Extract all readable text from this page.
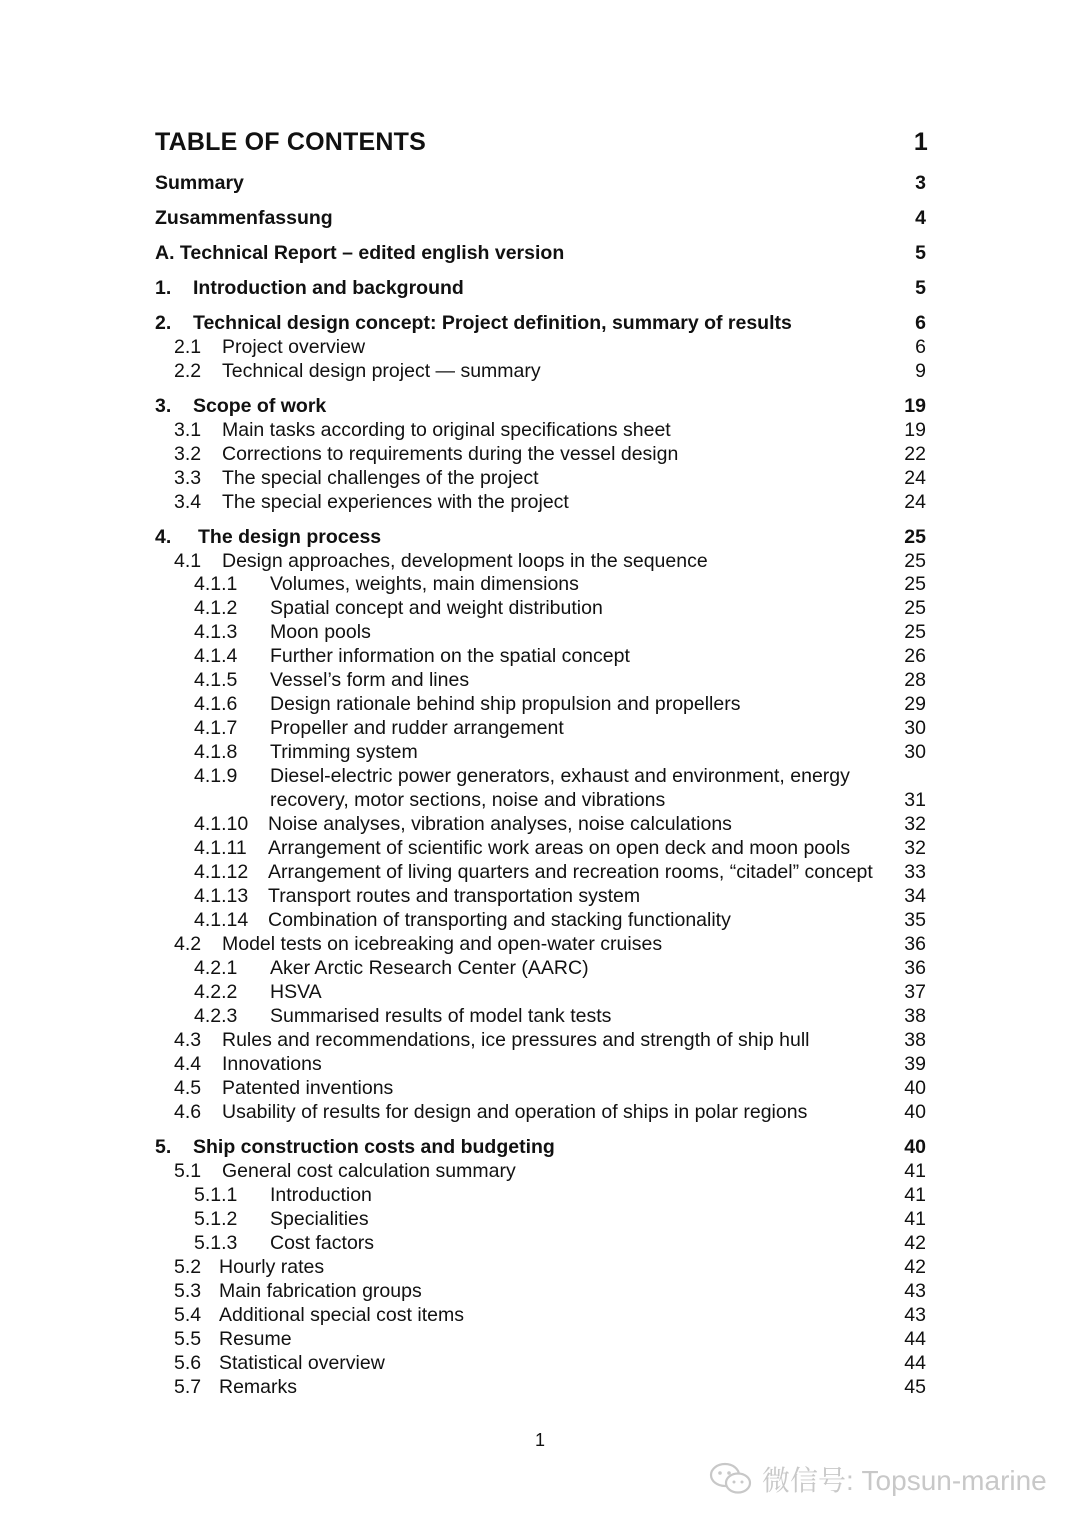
TABLE OF CONTENTS	1
Summary	3
Zusammenfassung	4
A. Technical Report – edited english version	5
1.	Introduction and background	5
2.	Technical design concept: Project definition, summary of results	6
2.1	Project overview	6
2.2	Technical design project — summary	9
3.	Scope of work	19
3.1	Main tasks according to original specifications sheet	19
3.2	Corrections to requirements during the vessel design	22
3.3	The special challenges of the project	24
3.4	The special experiences with the project	24
4.	The design process	25
4.1	Design approaches, development loops in the sequence	25
4.1.1	Volumes, weights, main dimensions	25
4.1.2	Spatial concept and weight distribution	25
4.1.3	Moon pools	25
4.1.4	Further information on the spatial concept	26
4.1.5	Vessel’s form and lines	28
4.1.6	Design rationale behind ship propulsion and propellers	29
4.1.7	Propeller and rudder arrangement	30
4.1.8	Trimming system	30
4.1.9	Diesel-electric power generators, exhaust and environment, energy
recovery, motor sections, noise and vibrations	31
4.1.10	Noise analyses, vibration analyses, noise calculations	32
4.1.11	Arrangement of scientific work areas on open deck and moon pools	32
4.1.12	Arrangement of living quarters and recreation rooms, “citadel” concept 33
4.1.13	Transport routes and transportation system	34
4.1.14	Combination of transporting and stacking functionality	35
4.2	Model tests on icebreaking and open-water cruises	36
4.2.1	Aker Arctic Research Center (AARC)	36
4.2.2	HSVA	37
4.2.3	Summarised results of model tank tests	38
4.3	Rules and recommendations, ice pressures and strength of ship hull	38
4.4	Innovations	39
4.5	Patented inventions	40
4.6	Usability of results for design and operation of ships in polar regions	40
5.	Ship construction costs and budgeting	40
5.1	General cost calculation summary	41
5.1.1	Introduction	41
5.1.2	Specialities	41
5.1.3	Cost factors	42
5.2 Hourly rates	42
5.3 Main fabrication groups	43
5.4 Additional special cost items	43
5.5 Resume	44
5.6 Statistical overview	44
5.7 Remarks	45
1
微信号: Topsun-marine
